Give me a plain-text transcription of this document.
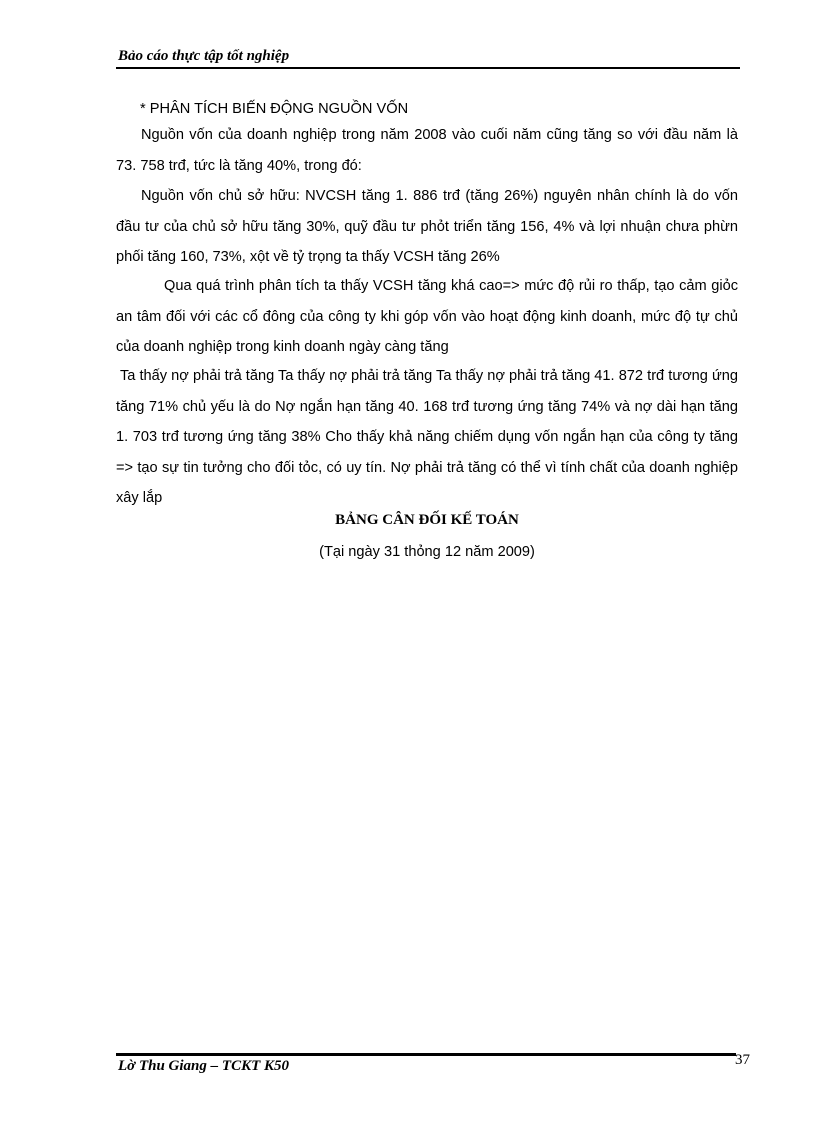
Bảo cáo thực tập tốt nghiệp
* PHÂN TÍCH BIẾN ĐỘNG NGUỒN VỐN
Nguồn vốn của doanh nghiệp trong năm 2008 vào cuối năm cũng tăng so với đầu năm là 73. 758 trđ, tức là tăng 40%, trong đó:
Nguồn vốn chủ sở hữu: NVCSH tăng 1. 886 trđ (tăng 26%) nguyên nhân chính là do vốn đầu tư của chủ sở hữu tăng 30%, quỹ đầu tư phỏt triển tăng 156, 4% và lợi nhuận chưa phừn phối tăng 160, 73%, xột về tỷ trọng ta thấy VCSH tăng 26%
Qua quá trình phân tích ta thấy VCSH tăng khá cao=> mức độ rủi ro thấp, tạo cảm giỏc an tâm đối với các cổ đông của công ty khi góp vốn vào hoạt động kinh doanh, mức độ tự chủ của doanh nghiệp trong kinh doanh ngày càng tăng
Ta thấy nợ phải trả tăng Ta thấy nợ phải trả tăng Ta thấy nợ phải trả tăng 41. 872 trđ tương ứng tăng 71% chủ yếu là do Nợ ngắn hạn tăng 40. 168 trđ tương ứng tăng 74% và nợ dài hạn tăng 1. 703 trđ tương ứng tăng 38% Cho thấy khả năng chiếm dụng vốn ngắn hạn của công ty tăng => tạo sự tin tưởng cho đối tỏc, có uy tín. Nợ phải trả tăng có thể vì tính chất của doanh nghiệp xây lắp
BẢNG CÂN ĐỐI KẾ TOÁN
(Tại ngày 31 thỏng 12 năm 2009)
Lờ Thu Giang – TCKT K50	37
